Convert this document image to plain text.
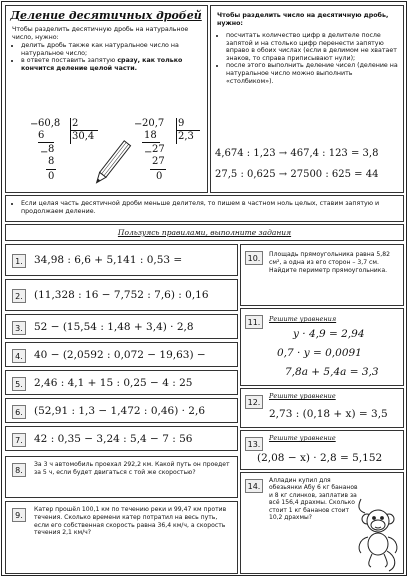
Деление десятичных дробей
Чтобы разделить десятичную дробь на натуральное число, нужно:
• делить дробь также как натуральное число на натуральное число;
• в ответе поставить запятую сразу, как только кончится деление целой части.
60,8 2
30,4
−
6
− 8
8
0
− 20,7 9
2,3
18
− 27
27
0
Чтобы разделить число на десятичную дробь, нужно:
• посчитать количество цифр в делителе после запятой и на столько цифр перенести запятую вправо в обоих числах (если в делимом не хватает знаков, то справа приписывают нули);
• после этого выполнить деление чисел (деление на натуральное число можно выполнить «столбиком»).
4,674 : 1,23 → 467,4 : 123 = 3,8
27,5 : 0,625 → 27500 : 625 = 44
• Если целая часть десятичной дроби меньше делителя, то пишем в частном ноль целых, ставим запятую и продолжаем деление.
Пользуясь правилами, выполните задания
1.	34,98 : 6,6 + 5,141 : 0,53 =
2.	(11,328 : 16 − 7,752 : 7,6) : 0,16
3.	52 − (15,54 : 1,48 + 3,4) · 2,8
4.	40 − (2,0592 : 0,072 − 19,63) −
5.	2,46 : 4,1 + 15 : 0,25 − 4 : 25
6.	(52,91 : 1,3 − 1,472 : 0,46) · 2,6
7.	42 : 0,35 − 3,24 : 5,4 − 7 : 56
8.
За 3 ч автомобиль проехал 292,2 км. Какой путь он проедет за 5 ч, если будет двигаться с той же скоростью?
9.
Катер прошёл 100,1 км по течению реки и 99,47 км против течения. Сколько времени катер потратил на весь путь, если его собственная скорость равна 36,4 км/ч, а скорость течения 2,1 км/ч?
10.	Площадь прямоугольника равна 5,82 см², а одна из его сторон – 3,7 см. Найдите периметр прямоугольника.
11.	Решите уравнения
y · 4,9 = 2,94
0,7 · y = 0,0091
7,8a + 5,4a = 3,3
12.
Решите уравнение
2,73 : (0,18 + x) = 3,5
13.
Решите уравнение
(2,08 − x) · 2,8 = 5,152
14.
Алладин купил для обезьянки Абу 6 кг бананов и 8 кг слинков, заплатив за всё 156,4 драхмы. Сколько стоит 1 кг бананов стоит 10,2 драхмы?
